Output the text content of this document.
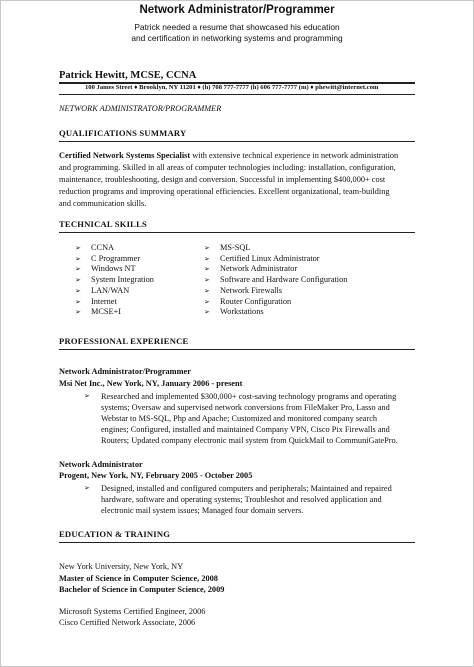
Network Administrator/Programmer
Patrick needed a resume that showcased his education
and certification in networking systems and programming
Patrick Hewitt, MCSE, CCNA
100 James Street ♦ Brooklyn, NY 11201 ♦ (h) 708 777-7777 (h) 606 777-7777 (m) ♦ phewitt@internet.com
NETWORK ADMINISTRATOR/PROGRAMMER
QUALIFICATIONS SUMMARY
Certified Network Systems Specialist with extensive technical experience in network administration
and programming. Skilled in all areas of computer technologies including: installation, configuration,
maintenance, troubleshooting, design and conversion. Successful in implementing $400,000+ cost
reduction programs and improving operational efficiencies. Excellent organizational, team-building
and communication skills.
TECHNICAL SKILLS
➢	CCNA
➢	C Programmer
➢	Windows NT
➢	System Integration
➢	LAN/WAN
➢	Internet
➢	MCSE+I
➢	MS-SQL
➢	Certified Linux Administrator
➢	Network Administrator
➢	Software and Hardware Configuration
➢	Network Firewalls
➢	Router Configuration
➢	Workstations
PROFESSIONAL EXPERIENCE
Network Administrator/Programmer
Msi Net Inc., New York, NY, January 2006 - present
➢	Researched and implemented $300,000+ cost-saving technology programs and operating
systems; Oversaw and supervised network conversions from FileMaker Pro, Lasso and
Webstar to MS-SQL, Php and Apache; Customized and monitored company search
engines; Configured, installed and maintained Company VPN, Cisco Pix Firewalls and
Routers; Updated company electronic mail system from QuickMail to CommuniGatePro.
Network Administrator
Progent, New York, NY, February 2005 - October 2005
➢	Designed, installed and configured computers and peripherals; Maintained and repaired
hardware, software and operating systems; Troubleshot and resolved application and
electronic mail system issues; Managed four domain servers.
EDUCATION & TRAINING
New York University, New York, NY
Master of Science in Computer Science, 2008
Bachelor of Science in Computer Science, 2009
Microsoft Systems Certified Engineer, 2006
Cisco Certified Network Associate, 2006
